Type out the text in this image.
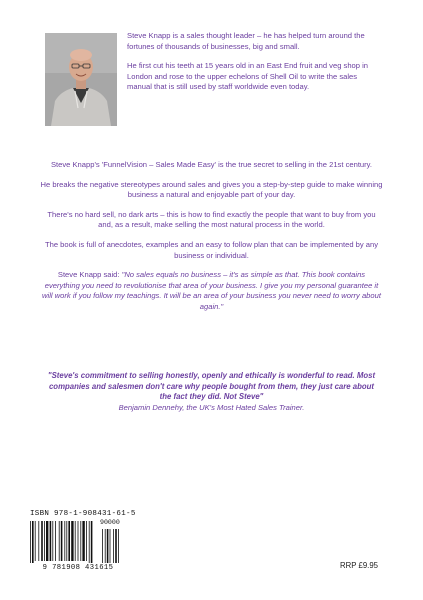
Steve Knapp is a sales thought leader – he has helped turn around the fortunes of thousands of businesses, big and small.

He first cut his teeth at 15 years old in an East End fruit and veg shop in London and rose to the upper echelons of Shell Oil to write the sales manual that is still used by staff worldwide even today.

Steve Knapp's 'FunnelVision – Sales Made Easy' is the true secret to selling in the 21st century.

He breaks the negative stereotypes around sales and gives you a step-by-step guide to make winning business a natural and enjoyable part of your day.

There's no hard sell, no dark arts – this is how to find exactly the people that want to buy from you and, as a result, make selling the most natural process in the world.

The book is full of anecdotes, examples and an easy to follow plan that can be implemented by any business or individual.

Steve Knapp said: "No sales equals no business – it's as simple as that. This book contains everything you need to revolutionise that area of your business. I give you my personal guarantee it will work if you follow my teachings. It will be an area of your business you never need to worry about again."

"Steve's commitment to selling honestly, openly and ethically is wonderful to read. Most companies and salesmen don't care why people bought from them, they just care about the fact they did. Not Steve"
Benjamin Dennehy, the UK's Most Hated Sales Trainer.
ISBN 978-1-908431-61-5
90000
9 781908 431615	RRP £9.95
